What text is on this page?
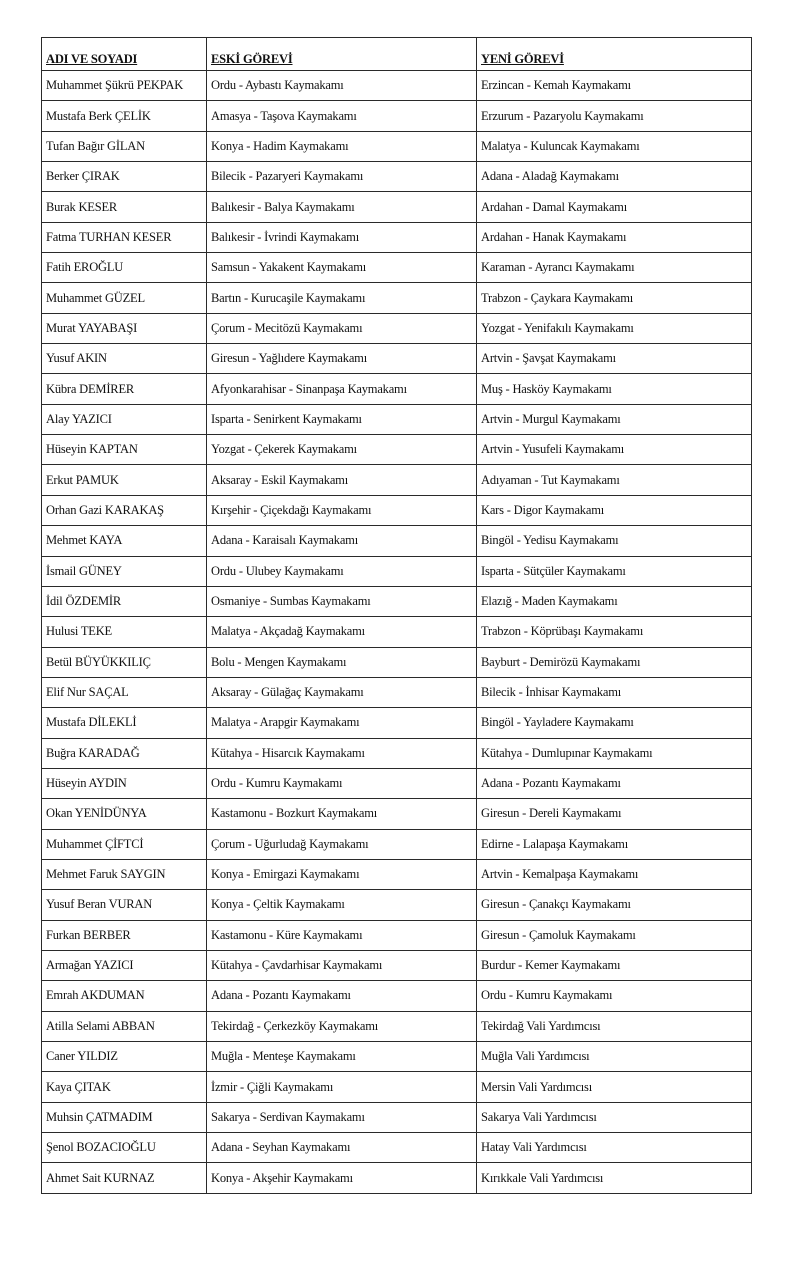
ADI VE SOYADI	ESKİ GÖREVİ	YENİ GÖREVİ
Muhammet Şükrü PEKPAK	Ordu - Aybastı Kaymakamı	Erzincan - Kemah Kaymakamı
Mustafa Berk ÇELİK	Amasya - Taşova Kaymakamı	Erzurum - Pazaryolu Kaymakamı
Tufan Bağır GİLAN	Konya - Hadim Kaymakamı	Malatya - Kuluncak Kaymakamı
Berker ÇIRAK	Bilecik - Pazaryeri Kaymakamı	Adana - Aladağ Kaymakamı
Burak KESER	Balıkesir - Balya Kaymakamı	Ardahan - Damal Kaymakamı
Fatma TURHAN KESER	Balıkesir - İvrindi Kaymakamı	Ardahan - Hanak Kaymakamı
Fatih EROĞLU	Samsun - Yakakent Kaymakamı	Karaman - Ayrancı Kaymakamı
Muhammet GÜZEL	Bartın - Kurucaşile Kaymakamı	Trabzon - Çaykara Kaymakamı
Murat YAYABAŞI	Çorum - Mecitözü Kaymakamı	Yozgat - Yenifakılı Kaymakamı
Yusuf AKIN	Giresun - Yağlıdere Kaymakamı	Artvin - Şavşat Kaymakamı
Kübra DEMİRER	Afyonkarahisar - Sinanpaşa Kaymakamı	Muş - Hasköy Kaymakamı
Alay YAZICI	Isparta - Senirkent Kaymakamı	Artvin - Murgul Kaymakamı
Hüseyin KAPTAN	Yozgat - Çekerek Kaymakamı	Artvin - Yusufeli Kaymakamı
Erkut PAMUK	Aksaray - Eskil Kaymakamı	Adıyaman - Tut Kaymakamı
Orhan Gazi KARAKAŞ	Kırşehir - Çiçekdağı Kaymakamı	Kars - Digor Kaymakamı
Mehmet KAYA	Adana - Karaisalı Kaymakamı	Bingöl - Yedisu Kaymakamı
İsmail GÜNEY	Ordu - Ulubey Kaymakamı	Isparta - Sütçüler Kaymakamı
İdil ÖZDEMİR	Osmaniye - Sumbas Kaymakamı	Elazığ - Maden Kaymakamı
Hulusi TEKE	Malatya - Akçadağ Kaymakamı	Trabzon - Köprübaşı Kaymakamı
Betül BÜYÜKKILIÇ	Bolu - Mengen Kaymakamı	Bayburt - Demirözü Kaymakamı
Elif Nur SAÇAL	Aksaray - Gülağaç Kaymakamı	Bilecik - İnhisar Kaymakamı
Mustafa DİLEKLİ	Malatya - Arapgir Kaymakamı	Bingöl - Yayladere Kaymakamı
Buğra KARADAĞ	Kütahya - Hisarcık Kaymakamı	Kütahya - Dumlupınar Kaymakamı
Hüseyin AYDIN	Ordu - Kumru Kaymakamı	Adana - Pozantı Kaymakamı
Okan YENİDÜNYA	Kastamonu - Bozkurt Kaymakamı	Giresun - Dereli Kaymakamı
Muhammet ÇİFTCİ	Çorum - Uğurludağ Kaymakamı	Edirne - Lalapaşa Kaymakamı
Mehmet Faruk SAYGIN	Konya - Emirgazi Kaymakamı	Artvin - Kemalpaşa Kaymakamı
Yusuf Beran VURAN	Konya - Çeltik Kaymakamı	Giresun - Çanakçı Kaymakamı
Furkan BERBER	Kastamonu - Küre Kaymakamı	Giresun - Çamoluk Kaymakamı
Armağan YAZICI	Kütahya - Çavdarhisar Kaymakamı	Burdur - Kemer Kaymakamı
Emrah AKDUMAN	Adana - Pozantı Kaymakamı	Ordu - Kumru Kaymakamı
Atilla Selami ABBAN	Tekirdağ - Çerkezköy Kaymakamı	Tekirdağ Vali Yardımcısı
Caner YILDIZ	Muğla - Menteşe Kaymakamı	Muğla Vali Yardımcısı
Kaya ÇITAK	İzmir - Çiğli Kaymakamı	Mersin Vali Yardımcısı
Muhsin ÇATMADIM	Sakarya - Serdivan Kaymakamı	Sakarya Vali Yardımcısı
Şenol BOZACIOĞLU	Adana - Seyhan Kaymakamı	Hatay Vali Yardımcısı
Ahmet Sait KURNAZ	Konya - Akşehir Kaymakamı	Kırıkkale Vali Yardımcısı
